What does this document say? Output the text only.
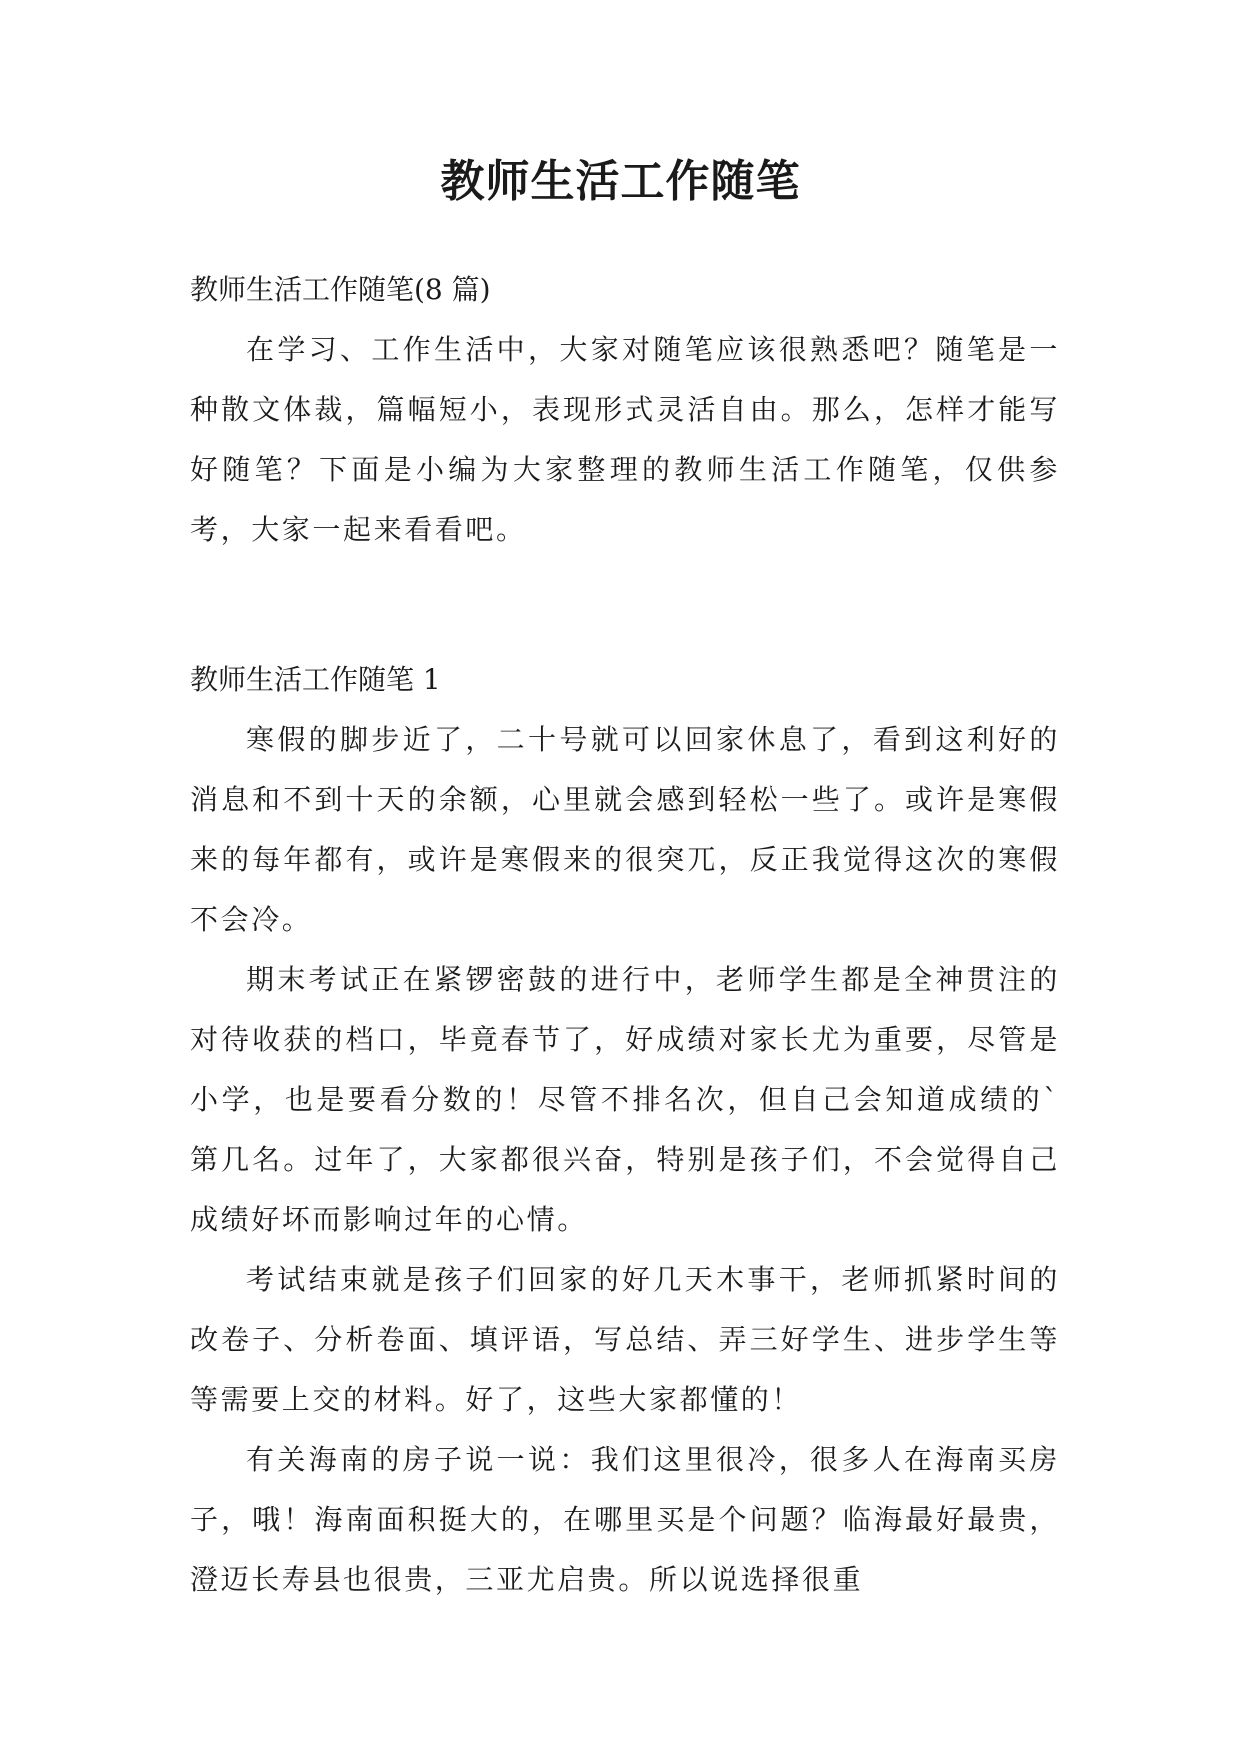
教师生活工作随笔

教师生活工作随笔(8 篇)

在学习、工作生活中，大家对随笔应该很熟悉吧？随笔是一种散文体裁，篇幅短小，表现形式灵活自由。那么，怎样才能写好随笔？下面是小编为大家整理的教师生活工作随笔，仅供参考，大家一起来看看吧。

教师生活工作随笔 1

寒假的脚步近了，二十号就可以回家休息了，看到这利好的消息和不到十天的余额，心里就会感到轻松一些了。或许是寒假来的每年都有，或许是寒假来的很突兀，反正我觉得这次的寒假不会冷。

期末考试正在紧锣密鼓的进行中，老师学生都是全神贯注的对待收获的档口，毕竟春节了，好成绩对家长尤为重要，尽管是小学，也是要看分数的！尽管不排名次，但自己会知道成绩的`第几名。过年了，大家都很兴奋，特别是孩子们，不会觉得自己成绩好坏而影响过年的心情。

考试结束就是孩子们回家的好几天木事干，老师抓紧时间的改卷子、分析卷面、填评语，写总结、弄三好学生、进步学生等等需要上交的材料。好了，这些大家都懂的！

有关海南的房子说一说：我们这里很冷，很多人在海南买房子，哦！海南面积挺大的，在哪里买是个问题？临海最好最贵，澄迈长寿县也很贵，三亚尤启贵。所以说选择很重
